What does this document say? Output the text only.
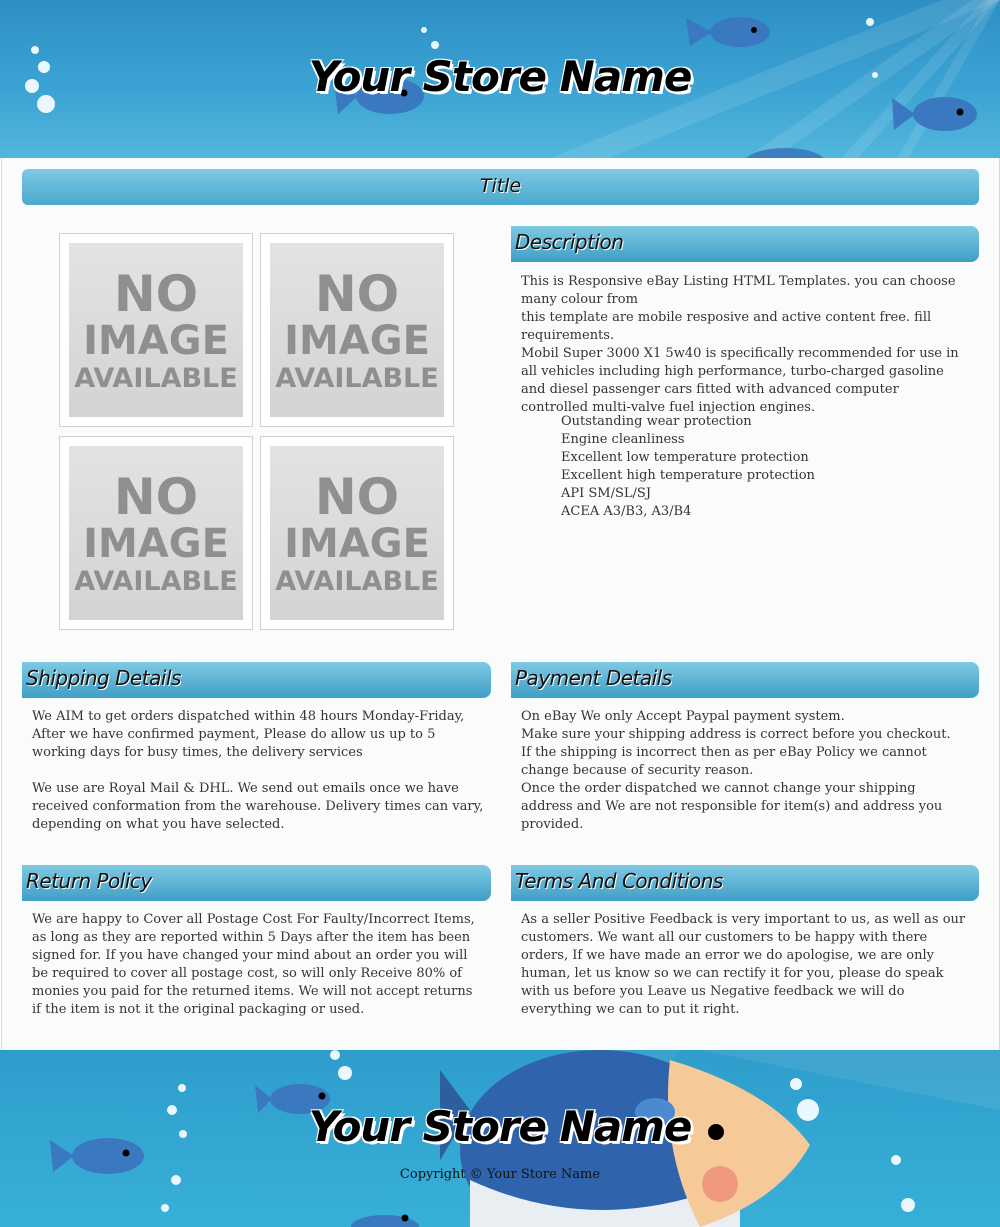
Your Store Name
Title
NO
IMAGE
AVAILABLE
NO
IMAGE
AVAILABLE
NO
IMAGE
AVAILABLE
NO
IMAGE
AVAILABLE
Description

This is Responsive eBay Listing HTML Templates. you can choose many colour from
this template are mobile resposive and active content free. fill requirements.
Mobil Super 3000 X1 5w40 is specifically recommended for use in all vehicles including high performance, turbo-charged gasoline and diesel passenger cars fitted with advanced computer controlled multi-valve fuel injection engines.

Outstanding wear protection
Engine cleanliness
Excellent low temperature protection
Excellent high temperature protection
API SM/SL/SJ
ACEA A3/B3, A3/B4
Shipping Details

We AIM to get orders dispatched within 48 hours Monday-Friday, After we have confirmed payment, Please do allow us up to 5 working days for busy times, the delivery services

We use are Royal Mail & DHL. We send out emails once we have received conformation from the warehouse. Delivery times can vary, depending on what you have selected.

Payment Details

On eBay We only Accept Paypal payment system.
Make sure your shipping address is correct before you checkout.
If the shipping is incorrect then as per eBay Policy we cannot change because of security reason.
Once the order dispatched we cannot change your shipping address and We are not responsible for item(s) and address you provided.

Return Policy

We are happy to Cover all Postage Cost For Faulty/Incorrect Items, as long as they are reported within 5 Days after the item has been signed for. If you have changed your mind about an order you will be required to cover all postage cost, so will only Receive 80% of monies you paid for the returned items. We will not accept returns if the item is not it the original packaging or used.

Terms And Conditions

As a seller Positive Feedback is very important to us, as well as our customers. We want all our customers to be happy with there orders, If we have made an error we do apologise, we are only human, let us know so we can rectify it for you, please do speak with us before you Leave us Negative feedback we will do everything we can to put it right.

Your Store Name
Copyright © Your Store Name
